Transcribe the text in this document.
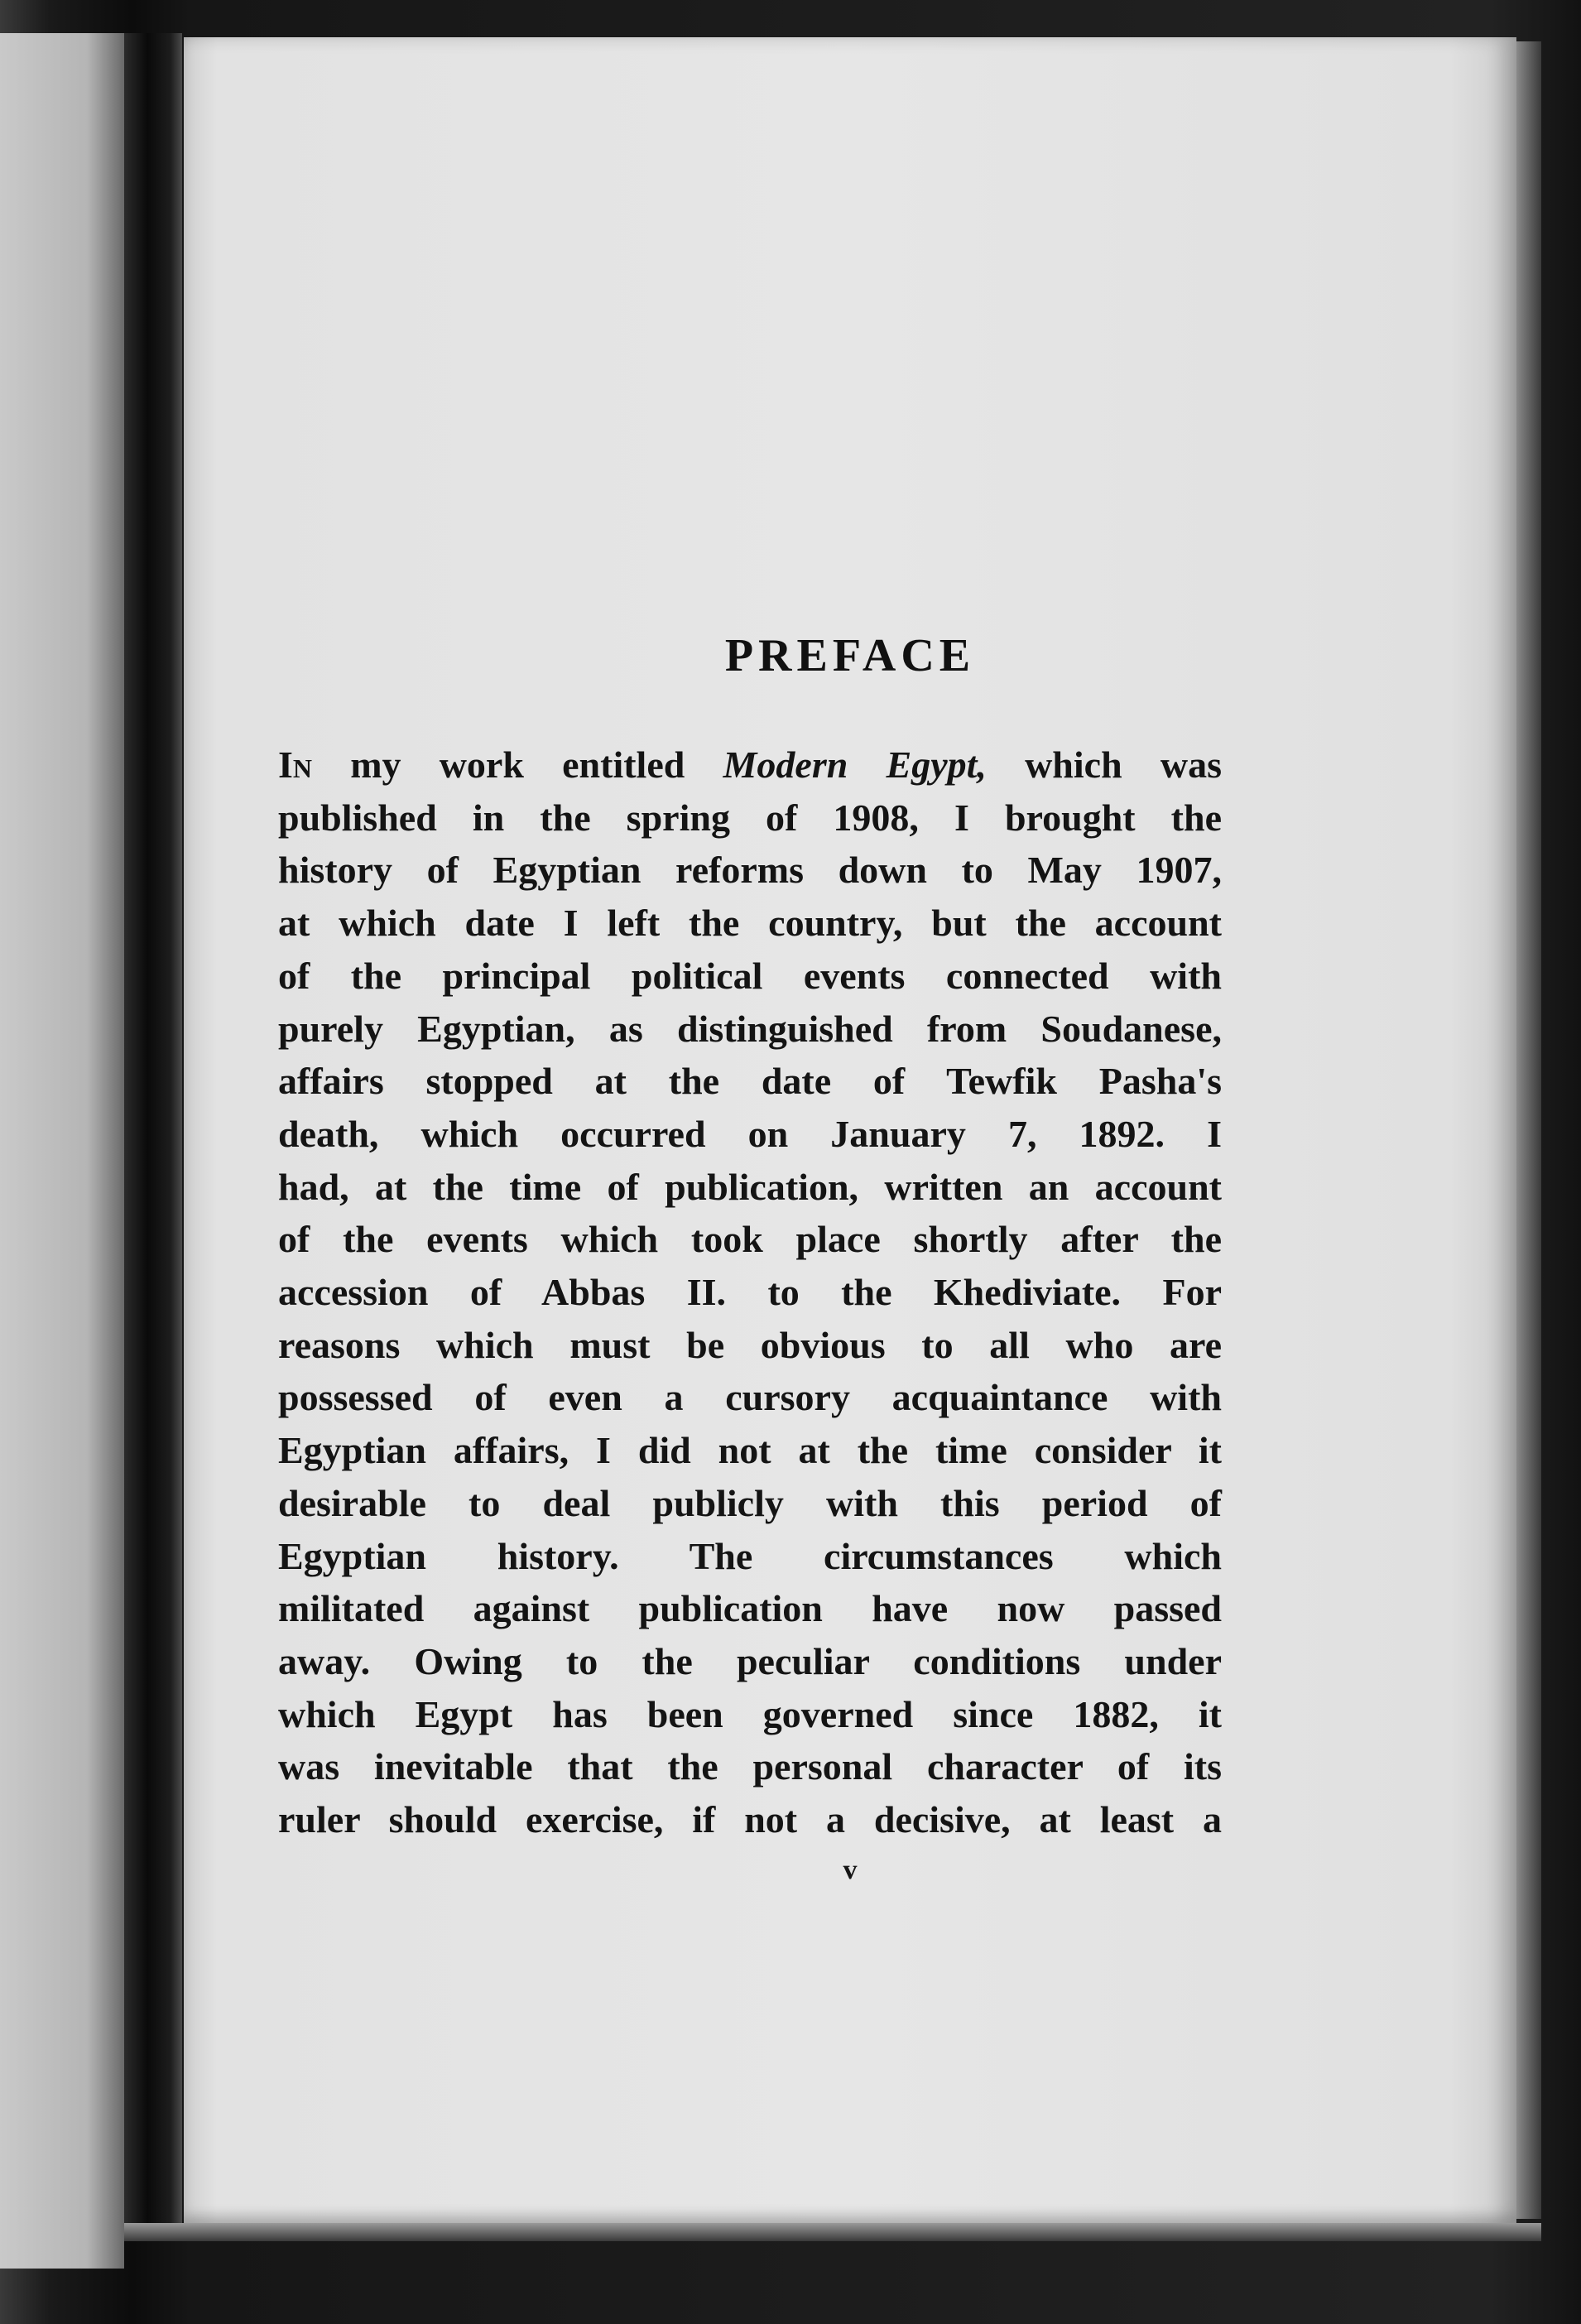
PREFACE
In my work entitled Modern Egypt, which was
published in the spring of 1908, I brought the
history of Egyptian reforms down to May 1907,
at which date I left the country, but the account
of the principal political events connected with
purely Egyptian, as distinguished from Soudanese,
affairs stopped at the date of Tewfik Pasha's
death, which occurred on January 7, 1892. I
had, at the time of publication, written an account
of the events which took place shortly after the
accession of Abbas II. to the Khediviate. For
reasons which must be obvious to all who are
possessed of even a cursory acquaintance with
Egyptian affairs, I did not at the time consider it
desirable to deal publicly with this period of
Egyptian history. The circumstances which
militated against publication have now passed
away. Owing to the peculiar conditions under
which Egypt has been governed since 1882, it
was inevitable that the personal character of its
ruler should exercise, if not a decisive, at least a
v
